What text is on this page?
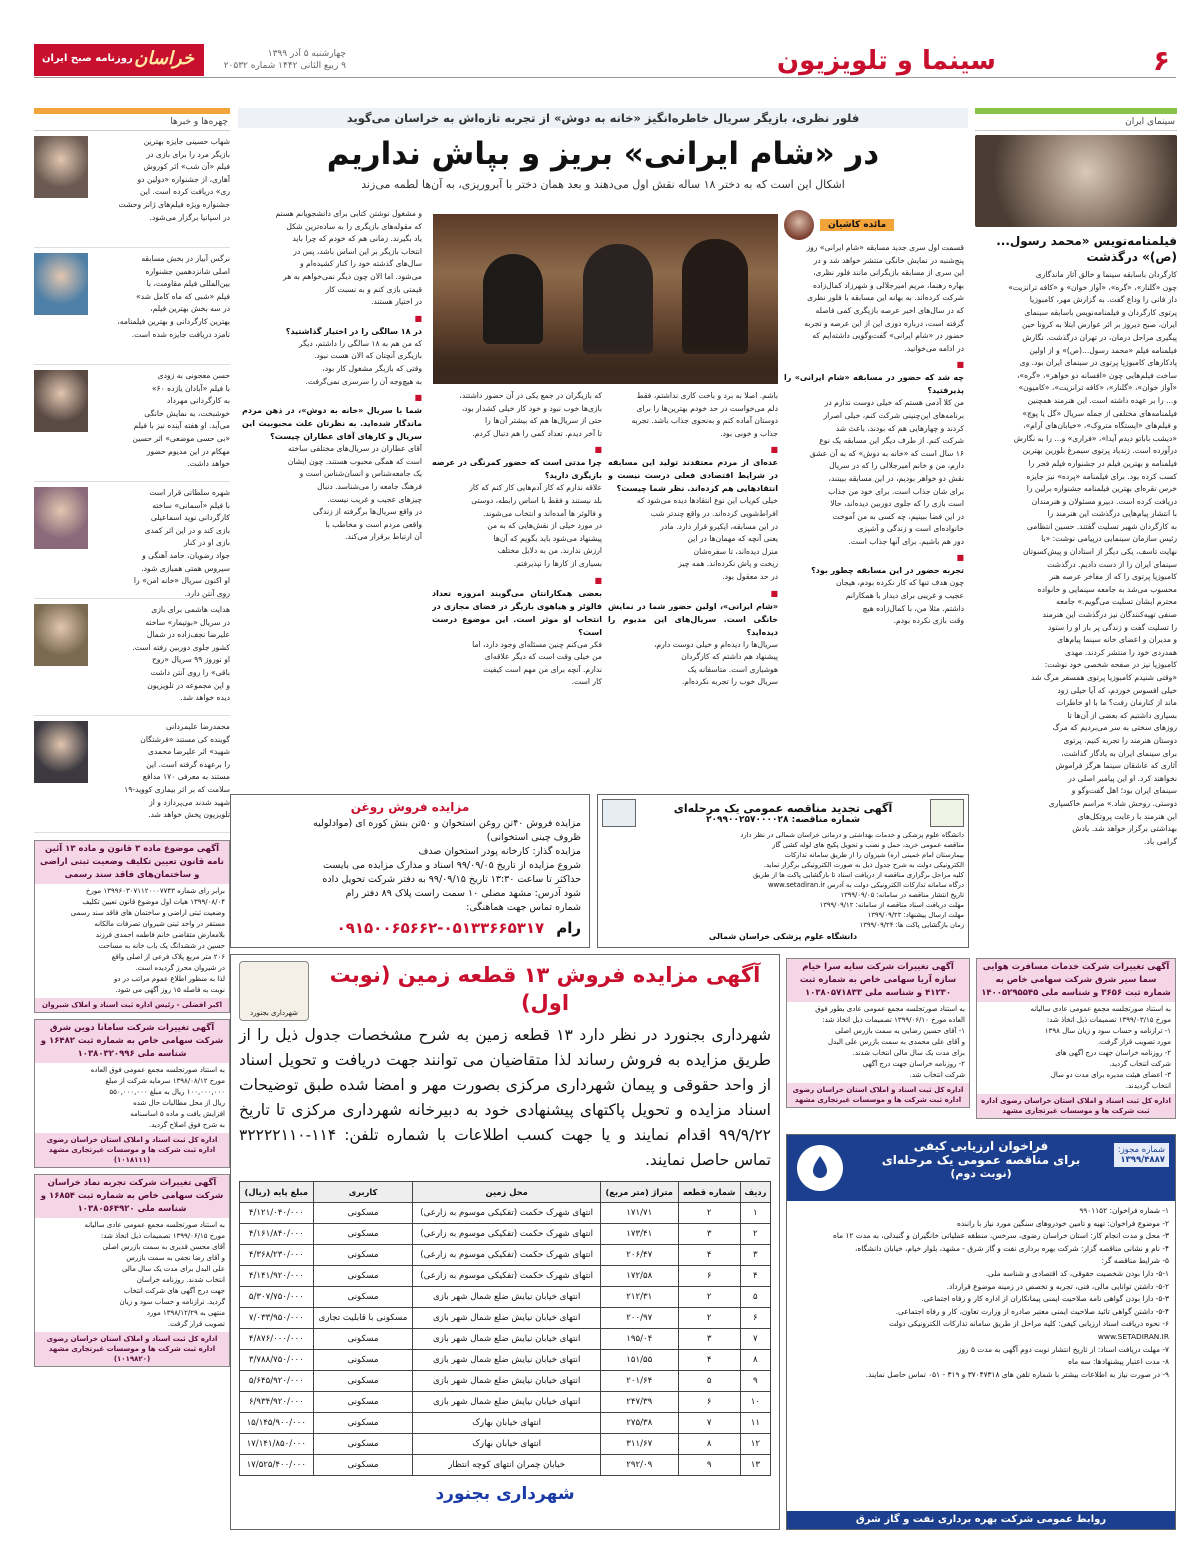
۶
سینما و تلویزیون
چهارشنبه ۵ آذر ۱۳۹۹
۹ ربیع الثانی ۱۴۴۲ شماره ۲۰۵۳۲
خراسان
روزنامه صبح ایران
سینمای ایران
فیلمنامه‌نویس «محمد رسول...(ص)» درگذشت
کارگردان باسابقه سینما و خالق آثار ماندگاری
چون «گلنار»، «گره»، «آواز خوان» و «کافه ترانزیت»
دار فانی را وداع گفت. به گزارش مهر، کامبوزیا
پرتوی کارگردان و فیلمنامه‌نویس باسابقه سینمای
ایران، صبح دیروز بر اثر عوارض ابتلا به کرونا حین
پیگیری مراحل درمان، در تهران درگذشت. نگارش
فیلمنامه فیلم «محمد رسول...(ص)» و از اولین
پادکارهای کامبوزیا پرتوی در سینمای ایران بود. وی
ساخت فیلم‌هایی چون «افسانه دو خواهر»، «گره»،
«آواز خوان»، «گلنار»، «کافه ترانزیت»، «کامیون»
و... را بر عهده داشته است. این هنرمند همچنین
فیلمنامه‌های مختلفی از جمله سریال «گل یا پوچ»
و فیلم‌های «ایستگاه متروک»، «خیابان‌های آرام»،
«دیشب باباتو دیدم آیدا»، «فراری» و... را به نگارش
درآورده است. زندیاد پرتوی سیمرغ بلورین بهترین
فیلمنامه و بهترین فیلم در جشنواره فیلم فجر را
کسب کرده بود. برای فیلمنامه «پرده» نیز جایزه
خرس نقره‌ای بهترین فیلمنامه جشنواره برلین را
دریافت کرده است. دبیرو مسئولان و هنرمندان
با انتشار پیام‌هایی درگذشت این هنرمند را
به کارگردان شهیر تسلیت گفتند. حسین انتظامی
رئیس سازمان سینمایی درپیامی نوشت: «با
نهایت تاسف، یکی دیگر از استادان و پیش‌کسوتان
سینمای ایران را از دست دادیم. درگذشت
کامبوزیا پرتوی را که از مفاخر عرصه هنر
محسوب می‌شد به جامعه سینمایی و خانواده
محترم ایشان تسلیت می‌گویم.» جامعه
صنفی تهیه‌کنندگان نیز درگذشت این هنرمند
را تسلیت گفت و زندگی پر بار او را ستود
و مدیران و اعضای خانه سینما پیام‌های
همدردی خود را منتشر کردند. مهدی
کامبوزیا نیز در صفحه شخصی خود نوشت:
«وقتی شنیدم کامبوزیا پرتوی همسفر مرگ شد
خیلی افسوس خوردم، که آیا خیلی زود
ماند از کنارمان رفت؟ ما با او خاطرات
بسیاری داشتیم که بعضی از آن‌ها تا
روزهای سختی به سر می‌بردیم که مرگ
دوستان هنرمند را تجربه کنیم. پرتوی
برای سینمای ایران به یادگار گذاشت،
آثاری که عاشقان سینما هرگز فراموش
نخواهند کرد. او این پیامبر اصلی در
سینمای ایران بود؛ اهل گفت‌وگو و
دوستی. روحش شاد.» مراسم خاکسپاری
این هنرمند با رعایت پروتکل‌های
بهداشتی برگزار خواهد شد. یادش
گرامی باد.
چهره‌ها و خبرها
شهاب حسینی جایزه بهترین
بازیگر مرد را برای بازی در
فیلم «آن شب» اثر کوروش
آهاری، از جشنواره «دولین دو
ری» دریافت کرده است. این
جشنواره ویژه فیلم‌های ژانر وحشت
در اسپانیا برگزار می‌شود.
نرگس آبیار در بخش مسابقه
اصلی شانزدهمین جشنواره
بین‌المللی فیلم مقاومت، با
فیلم «شبی که ماه کامل شد»
در سه بخش بهترین فیلم،
بهترین کارگردانی و بهترین فیلمنامه،
نامزد دریافت جایزه شده است.
حسن معجونی به زودی
با فیلم «آبادان یازده ۶۰»
به کارگردانی مهرداد
خوشبخت، به نمایش خانگی
می‌آید. او هفته آینده نیز با فیلم
«بی حسی موضعی» اثر حسین
مهکام در این مدیوم حضور
خواهد داشت.
شهره سلطانی قرار است
با فیلم «آسمانی» ساخته
کارگردانی نوید اسماعیلی
بازی کند و در این اثر کمدی
بازی او در کنار
جواد رضویان، حامد آهنگی و
سیروس همتی همبازی شود.
او اکنون سریال «خانه امن» را
روی آنتن دارد.
هدایت هاشمی برای بازی
در سریال «بوتیمار» ساخته
علیرضا نجف‌زاده در شمال
کشور جلوی دوربین رفته است.
او نوروز ۹۹ سریال «روح
باقی» را روی آنتن داشت
و این مجموعه در تلویزیون
دیده خواهد شد.
محمدرضا علیمردانی
گوینده کی مستند «فرشتگان
شهید» اثر علیرضا محمدی
را برعهده گرفته است. این
مستند به معرفی ۱۷۰ مدافع
سلامت که بر اثر بیماری کووید-۱۹
شهید شدند می‌پردازد و از
تلویزیون پخش خواهد شد.
فلور نظری، بازیگر سریال خاطره‌انگیز «خانه به دوش» از تجربه تازه‌اش به خراسان می‌گوید
در «شام ایرانی» بریز و بپاش نداریم
اشکال این است که به دختر ۱۸ ساله نقش اول می‌دهند و بعد همان دختر با آبروریزی، به آن‌ها لطمه می‌زند
مائده کاشیان
قسمت اول سری جدید مسابقه «شام ایرانی» روز
پنج‌شنبه در نمایش خانگی منتشر خواهد شد و در
این سری از مسابقه بازیگرانی مانند فلور نظری،
بهاره رهنما، مریم امیرجلالی و شهرزاد کمال‌زاده
شرکت کرده‌اند. به بهانه این مسابقه با فلور نظری
که در سال‌های اخیر عرصه بازیگری کمی فاصله
گرفته است، درباره دوری این از این عرصه و تجربه
حضور در «شام ایرانی» گفت‌وگویی داشته‌ایم که
در ادامه می‌خوانید.
■
چه شد که حضور در مسابقه «شام ایرانی» را پذیرفتید؟
من کلا آدمی هستم که خیلی دوست ندارم در
برنامه‌های این‌چنینی شرکت کنم، خیلی اصرار
کردند و چهارهایی هم که بودند، باعث شد
شرکت کنم. از طرف دیگر این مسابقه یک نوع
۱۶ سال است که «خانه به دوش» که به آن عشق
دارم، من و خانم امیرجلالی را که در سریال
نقش دو خواهر بودیم، در این مسابقه ببینند،
برای شان جذاب است. برای خود من جذاب
است بازی را که جلوی دوربین دیده‌اند، حالا
در این فضا ببینیم، چه کسی به من آموخت
خانواده‌ای است و زندگی و آشپزی
دور هم باشیم. برای آنها جذاب است.
■
تجربه حضور در این مسابقه چطور بود؟
چون هدف تنها که کار نکرده بودم، هیجان
عجیب و غریبی برای دیدار با همکارانم
داشتم. مثلا من، با کمال‌زاده هیچ
وقت بازی نکرده بودم.
باشم. اصلا به برد و باخت کاری نداشتم، فقط
دلم می‌خواست در حد خودم بهترین‌ها را برای
دوستان آماده کنم و به‌نحوی جذاب باشد. تجربه
جذاب و خوبی بود.
■
عده‌ای از مردم معتقدند تولید این مسابقه در شرایط اقتصادی فعلی درست نیست و انتقادهایی هم کرده‌اند. نظر شما چیست؟
خیلی کم‌یاب این نوع انتقادها دیده می‌شود که
افراط‌شویی کرده‌اند. در واقع چندتر شب
در این مسابقه، ایکیرو قرار دارد. مادر
یعنی آنچه که مهمان‌ها در این
منزل دیده‌اند، تا سفره‌شان
ریخت و پاش نکرده‌اند. همه چیز
در حد معقول بود.
■
«شام ایرانی»، اولین حضور شما در نمایش خانگی است. سریال‌های این مدیوم را دیده‌اید؟
سریال‌ها را دیده‌ام و خیلی دوست دارم،
پیشنهاد هم داشتم که کارگردان
هوشیاری است. متاسفانه یک
سریال خوب را تجربه نکرده‌ام.
که بازیگران در جمع یکی در آن حضور داشتند،
بازی‌ها خوب نبود و خود کار خیلی کشدار بود،
حتی از سریال‌ها هم که بیشتر آن‌ها را
تا آخر دیدم. تعداد کمی را هم دنبال کردم.
■
چرا مدتی است که حضور کمرنگی در عرصه بازیگری دارید؟
علاقه ندارم که کار آدم‌هایی کار کنم که کار
بلد نیستند و فقط با اساس رابطه، دوستی
و فالوئر ها آمده‌اند و انتخاب می‌شوند.
در مورد خیلی از نقش‌هایی که به من
پیشنهاد می‌شود باید بگویم که آن‌ها
ارزش ندارند. من به دلایل مختلف
بسیاری از کارها را نپذیرفتم.
■
بعضی همکارانتان می‌گویند امروزه تعداد فالوئر و هیاهوی بازیگر در فضای مجازی در انتخاب او موثر است. این موضوع درست است؟
فکر می‌کنم چنین مسئله‌ای وجود دارد، اما
من خیلی وقت است که دیگر علاقه‌ای
ندارم. آنچه برای من مهم است کیفیت
کار است.
و مشغول نوشتن کتابی برای دانشجویانم هستم
که مقوله‌های بازیگری را به ساده‌ترین شکل
یاد بگیرند. زمانی هم که خودم که چرا باید
انتخاب بازیگر بر این اساس باشد، پس در
سال‌های گذشته خود را کنار کشیده‌ام و
می‌شود. اما الان چون دیگر نمی‌خواهم به هر
قیمتی بازی کنم و به نسبت کار
در اختیار هستند.
■
در ۱۸ سالگی را در اختیار گذاشتید؟
که من هم به ۱۸ سالگی را داشتم، دیگر
بازیگری آنچنان که الان هست نبود.
وقتی که بازیگر مشغول کار بود،
به هیچ‌وجه آن را سرسری نمی‌گرفت.
■
شما با سریال «خانه به دوش»، در ذهن مردم ماندگار شده‌اید. به نظرتان علت محبوبیت این سریال و کارهای آقای عطاران چیست؟
آقای عطاران در سریال‌های مختلفی ساخته
است که همگی محبوب هستند. چون ایشان
یک جامعه‌شناس و انسان‌شناس است و
فرهنگ جامعه را می‌شناسد. دنبال
چیزهای عجیب و غریب نیست.
در واقع سریال‌ها برگرفته از زندگی
واقعی مردم است و مخاطب با
آن ارتباط برقرار می‌کند.
آگهی تجدید مناقصه عمومی یک مرحله‌ای
شماره مناقصه: ۲۰۹۹۰۰۲۵۷۰۰۰۰۲۸
دانشگاه علوم پزشکی و خدمات بهداشتی و درمانی خراسان شمالی در نظر دارد
مناقصه عمومی خرید، حمل و نصب و تحویل پکیج های لوله کشی گاز
بیمارستان امام خمینی (ره) شیروان را از طریق سامانه تدارکات
الکترونیکی دولت به شرح جدول ذیل به صورت الکترونیکی برگزار نماید.
کلیه مراحل برگزاری مناقصه از دریافت اسناد تا بازگشایی پاکت ها از طریق
درگاه سامانه تدارکات الکترونیکی دولت به آدرس www.setadiran.ir
تاریخ انتشار مناقصه در سامانه: ۱۳۹۹/۰۹/۰۵
مهلت دریافت اسناد مناقصه از سامانه: ۱۳۹۹/۰۹/۱۲
مهلت ارسال پیشنهاد: ۱۳۹۹/۰۹/۲۳
زمان بازگشایی پاکت ها: ۱۳۹۹/۰۹/۲۴
دانشگاه علوم پزشکی خراسان شمالی
مزایده فروش روغن
مزایده فروش ۴۰تن روغن استخوان و ۵۰تن بنش کوره ای (موادلولیه
ظروف چینی استخوانی)
مزایده گذار: کارخانه پودر استخوان صدف
شروع مزایده از تاریخ ۹۹/۰۹/۰۵ اسناد و مدارک مزایده می بایست
حداکثر تا ساعت ۱۳:۳۰ تاریخ ۹۹/۰۹/۱۵ به دفتر شرکت تحویل داده
شود آدرس: مشهد مصلی ۱۰ سمت راست پلاک ۸۹ دفتر رام
شماره تماس جهت هماهنگی:
رام
۰۹۱۵۰۰۶۵۶۶۲-۰۵۱۳۳۶۶۵۳۱۷
آگهی موضوع ماده ۳ قانون و ماده ۱۳ آئین نامه قانون تعیین تکلیف وضعیت ثبتی اراضی و ساختمان‌های فاقد سند رسمی
برابر رای شماره ۱۳۹۹۶۰۳۰۷۱۱۲۰۰۰۷۷۴۳ مورخ
۱۳۹۹/۰۸/۰۴ هیات اول موضوع قانون تعیین تکلیف
وضعیت ثبتی اراضی و ساختمان های فاقد سند رسمی
مستقر در واحد ثبتی شیروان تصرفات مالکانه
بلامعارض متقاضی خانم فاطمه احمدی فرزند
حسین در ششدانگ یک باب خانه به مساحت
۲۰۶ متر مربع پلاک فرعی از اصلی واقع
در شیروان محرز گردیده است.
لذا به منظور اطلاع عموم مراتب در دو
نوبت به فاصله ۱۵ روز آگهی می شود.
اکبر افضلی - رئیس اداره ثبت اسناد و املاک شیروان
آگهی تغییرات شرکت سامانا دوین شرق شرکت سهامی خاص به شماره ثبت ۱۶۴۸۲ و شناسه ملی ۱۰۳۸۰۳۲۰۹۹۶
به استناد صورتجلسه مجمع عمومی فوق العاده
مورخ ۱۳۹۸/۰۸/۱۲ سرمایه شرکت از مبلغ
۱۰۰,۰۰۰,۰۰۰ ریال به مبلغ ۵۵۰,۰۰۰,۰۰۰
ریال از محل مطالبات حال شده
افزایش یافت و ماده ۵ اساسنامه
به شرح فوق اصلاح گردید.
اداره کل ثبت اسناد و املاک استان خراسان رضوی اداره ثبت شرکت ها و موسسات غیرتجاری مشهد (۱۰۱۸۱۱۱)
آگهی تغییرات شرکت تجربه نماد خراسان شرکت سهامی خاص به شماره ثبت ۱۶۸۵۴ و شناسه ملی ۱۰۳۸۰۵۶۴۹۲۰
به استناد صورتجلسه مجمع عمومی عادی سالیانه
مورخ ۱۳۹۹/۰۶/۱۵ تصمیمات ذیل اتخاذ شد:
آقای محسن قدیری به سمت بازرس اصلی
و آقای رضا نجفی به سمت بازرس
علی البدل برای مدت یک سال مالی
انتخاب شدند. روزنامه خراسان
جهت درج آگهی های شرکت انتخاب
گردید. ترازنامه و حساب سود و زیان
منتهی به ۱۳۹۸/۱۲/۲۹ مورد
تصویب قرار گرفت.
اداره کل ثبت اسناد و املاک استان خراسان رضوی اداره ثبت شرکت ها و موسسات غیرتجاری مشهد (۱۰۱۹۸۲۰)
آگهی مزایده فروش ۱۳ قطعه زمین (نوبت اول)
شهرداری بجنورد
شهرداری بجنورد در نظر دارد ۱۳ قطعه زمین به شرح مشخصات جدول ذیل را از طریق مزایده به فروش رساند لذا متقاضیان می توانند جهت دریافت و تحویل اسناد از واحد حقوقی و پیمان شهرداری مرکزی بصورت مهر و امضا شده طبق توضیحات اسناد مزایده و تحویل پاکتهای پیشنهادی خود به دبیرخانه شهرداری مرکزی تا تاریخ ۹۹/۹/۲۲ اقدام نمایند و یا جهت کسب اطلاعات با شماره تلفن: ۱۱۴-۳۲۲۲۲۱۱۰ تماس حاصل نمایند.
ردیف	شماره قطعه	متراژ (متر مربع)	محل زمین	کاربری	مبلغ پایه (ریال)
۱	۲	۱۷۱/۷۱	انتهای شهرک حکمت (تفکیکی موسوم به زارعی)	مسکونی	۴/۱۲۱/۰۴۰/۰۰۰
۲	۳	۱۷۳/۴۱	انتهای شهرک حکمت (تفکیکی موسوم به زارعی)	مسکونی	۴/۱۶۱/۸۴۰/۰۰۰
۳	۴	۲۰۶/۴۷	انتهای شهرک حکمت (تفکیکی موسوم به زارعی)	مسکونی	۴/۳۶۸/۲۳۰/۰۰۰
۴	۶	۱۷۲/۵۸	انتهای شهرک حکمت (تفکیکی موسوم به زارعی)	مسکونی	۴/۱۴۱/۹۲۰/۰۰۰
۵	۲	۲۱۲/۳۱	انتهای خیابان نیایش ضلع شمال شهر بازی	مسکونی	۵/۳۰۷/۷۵۰/۰۰۰
۶	۲	۲۰۰/۹۷	انتهای خیابان نیایش ضلع شمال شهر بازی	مسکونی با قابلیت تجاری	۷/۰۳۳/۹۵۰/۰۰۰
۷	۳	۱۹۵/۰۴	انتهای خیابان نیایش ضلع شمال شهر بازی	مسکونی	۴/۸۷۶/۰۰۰/۰۰۰
۸	۴	۱۵۱/۵۵	انتهای خیابان نیایش ضلع شمال شهر بازی	مسکونی	۳/۷۸۸/۷۵۰/۰۰۰
۹	۵	۲۰۱/۶۴	انتهای خیابان نیایش ضلع شمال شهر بازی	مسکونی	۵/۶۴۵/۹۲۰/۰۰۰
۱۰	۶	۲۴۷/۳۹	انتهای خیابان نیایش ضلع شمال شهر بازی	مسکونی	۶/۹۳۴/۹۲۰/۰۰۰
۱۱	۷	۲۷۵/۳۸	انتهای خیابان بهارک	مسکونی	۱۵/۱۴۵/۹۰۰/۰۰۰
۱۲	۸	۳۱۱/۶۷	انتهای خیابان بهارک	مسکونی	۱۷/۱۴۱/۸۵۰/۰۰۰
۱۳	۹	۲۹۲/۰۹	خیابان چمران انتهای کوچه انتظار	مسکونی	۱۷/۵۲۵/۴۰۰/۰۰۰
شهرداری بجنورد
آگهی تغییرات شرکت خدمات مسافرت هوایی سما سیر شرق شرکت سهامی خاص به شماره ثبت ۳۶۵۶ و شناسه ملی ۱۴۰۰۵۲۹۵۵۴۵
به استناد صورتجلسه مجمع عمومی عادی سالیانه
مورخ ۱۳۹۹/۰۳/۱۵ تصمیمات ذیل اتخاذ شد:
۱- ترازنامه و حساب سود و زیان سال ۱۳۹۸
مورد تصویب قرار گرفت.
۲- روزنامه خراسان جهت درج آگهی های
شرکت انتخاب گردید.
۳- اعضای هیئت مدیره برای مدت دو سال
انتخاب گردیدند.
اداره کل ثبت اسناد و املاک استان خراسان رضوی اداره ثبت شرکت ها و موسسات غیرتجاری مشهد
آگهی تغییرات شرکت سایه سرا خیام سازه آریا سهامی خاص به شماره ثبت ۴۱۲۳۰ و شناسه ملی ۱۰۳۸۰۵۷۱۸۳۳
به استناد صورتجلسه مجمع عمومی عادی بطور فوق
العاده مورخ ۱۳۹۹/۰۶/۱۰ تصمیمات ذیل اتخاذ شد:
۱- آقای حسین رضایی به سمت بازرس اصلی
و آقای علی محمدی به سمت بازرس علی البدل
برای مدت یک سال مالی انتخاب شدند.
۲- روزنامه خراسان جهت درج آگهی
شرکت انتخاب شد.
اداره کل ثبت اسناد و املاک استان خراسان رضوی اداره ثبت شرکت ها و موسسات غیرتجاری مشهد
شماره مجوز:
۱۳۹۹/۴۸۸۷
فراخوان ارزیابی کیفی
برای مناقصه عمومی یک مرحله‌ای
(نوبت دوم)
۱- شماره فراخوان: ۹۹۰۱۱۵۲
۲- موضوع فراخوان: تهیه و تامین خودروهای سنگین مورد نیاز با راننده
۳- محل و مدت انجام کار: استان خراسان رضوی، سرخس، منطقه عملیاتی خانگیران و گنبدلی، به مدت ۱۲ ماه
۴- نام و نشانی مناقصه گزار: شرکت بهره برداری نفت و گاز شرق - مشهد، بلوار خیام، خیابان دانشگاه،
۵- شرایط مناقصه گر:
۵-۱- دارا بودن شخصیت حقوقی، کد اقتصادی و شناسه ملی.
۵-۲- داشتن توانایی مالی، فنی، تجربه و تخصص در زمینه موضوع قرارداد.
۵-۳- دارا بودن گواهی نامه صلاحیت ایمنی پیمانکاران از اداره کار و رفاه اجتماعی.
۵-۴- داشتن گواهی تائید صلاحیت ایمنی معتبر صادره از وزارت تعاون، کار و رفاه اجتماعی.
۶- نحوه دریافت اسناد ارزیابی کیفی: کلیه مراحل از طریق سامانه تدارکات الکترونیکی دولت
www.SETADIRAN.IR
۷- مهلت دریافت اسناد: از تاریخ انتشار نوبت دوم آگهی به مدت ۵ روز
۸- مدت اعتبار پیشنهادها: سه ماه
۹- در صورت نیاز به اطلاعات بیشتر با شماره تلفن های ۳۷۰۴۷۳۱۸ و ۳۱۹ - ۰۵۱ تماس حاصل نمایند.
روابط عمومی شرکت بهره برداری نفت و گاز شرق
